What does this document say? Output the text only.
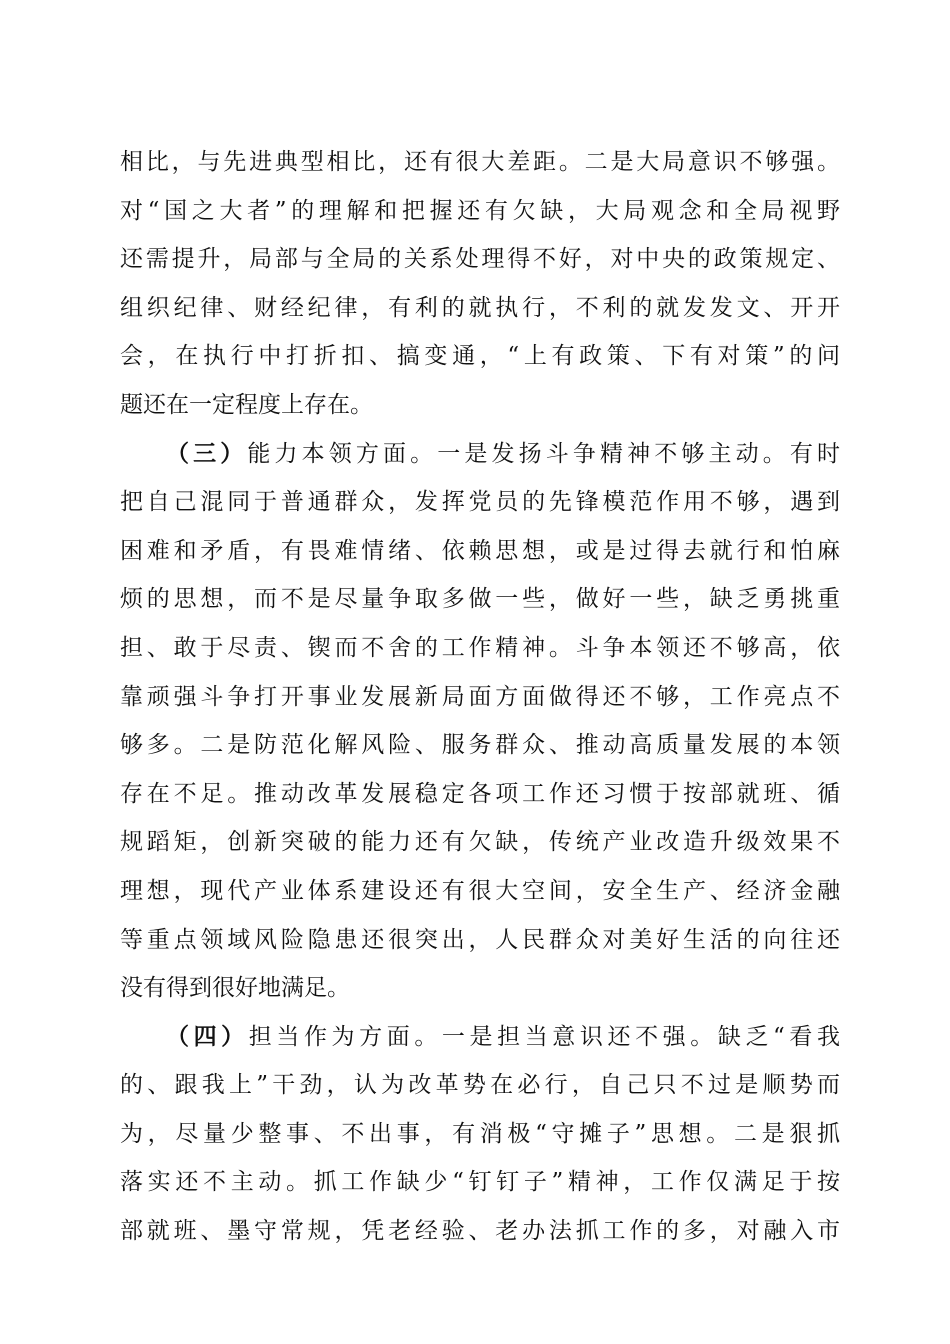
相比，与先进典型相比，还有很大差距。二是大局意识不够强。
对“国之大者”的理解和把握还有欠缺，大局观念和全局视野
还需提升，局部与全局的关系处理得不好，对中央的政策规定、
组织纪律、财经纪律，有利的就执行，不利的就发发文、开开
会，在执行中打折扣、搞变通，“上有政策、下有对策”的问
题还在一定程度上存在。
（三）能力本领方面。一是发扬斗争精神不够主动。有时
把自己混同于普通群众，发挥党员的先锋模范作用不够，遇到
困难和矛盾，有畏难情绪、依赖思想，或是过得去就行和怕麻
烦的思想，而不是尽量争取多做一些，做好一些，缺乏勇挑重
担、敢于尽责、锲而不舍的工作精神。斗争本领还不够高，依
靠顽强斗争打开事业发展新局面方面做得还不够，工作亮点不
够多。二是防范化解风险、服务群众、推动高质量发展的本领
存在不足。推动改革发展稳定各项工作还习惯于按部就班、循
规蹈矩，创新突破的能力还有欠缺，传统产业改造升级效果不
理想，现代产业体系建设还有很大空间，安全生产、经济金融
等重点领域风险隐患还很突出，人民群众对美好生活的向往还
没有得到很好地满足。
（四）担当作为方面。一是担当意识还不强。缺乏“看我
的、跟我上”干劲，认为改革势在必行，自己只不过是顺势而
为，尽量少整事、不出事，有消极“守摊子”思想。二是狠抓
落实还不主动。抓工作缺少“钉钉子”精神，工作仅满足于按
部就班、墨守常规，凭老经验、老办法抓工作的多，对融入市
